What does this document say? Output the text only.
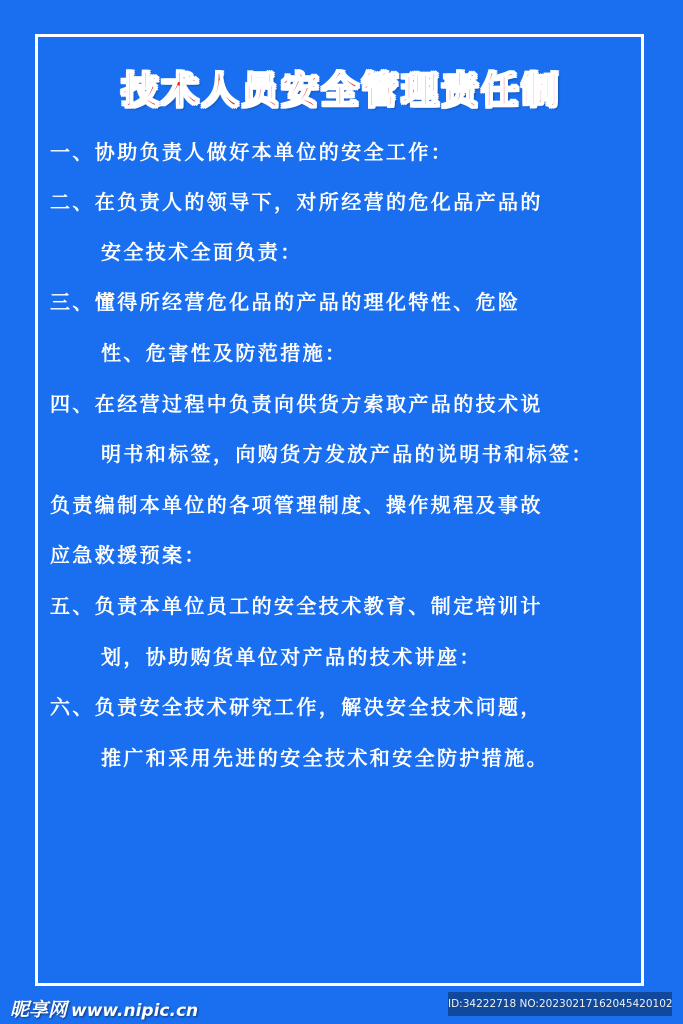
技术人员安全管理责任制
一、协助负责人做好本单位的安全工作：
二、在负责人的领导下，对所经营的危化品产品的
安全技术全面负责：
三、懂得所经营危化品的产品的理化特性、危险
性、危害性及防范措施：
四、在经营过程中负责向供货方索取产品的技术说
明书和标签，向购货方发放产品的说明书和标签：
负责编制本单位的各项管理制度、操作规程及事故
应急救援预案：
五、负责本单位员工的安全技术教育、制定培训计
划，协助购货单位对产品的技术讲座：
六、负责安全技术研究工作，解决安全技术问题，
推广和采用先进的安全技术和安全防护措施。
昵享网 www.nipic.cn	ID:34222718 NO:20230217162045420102
